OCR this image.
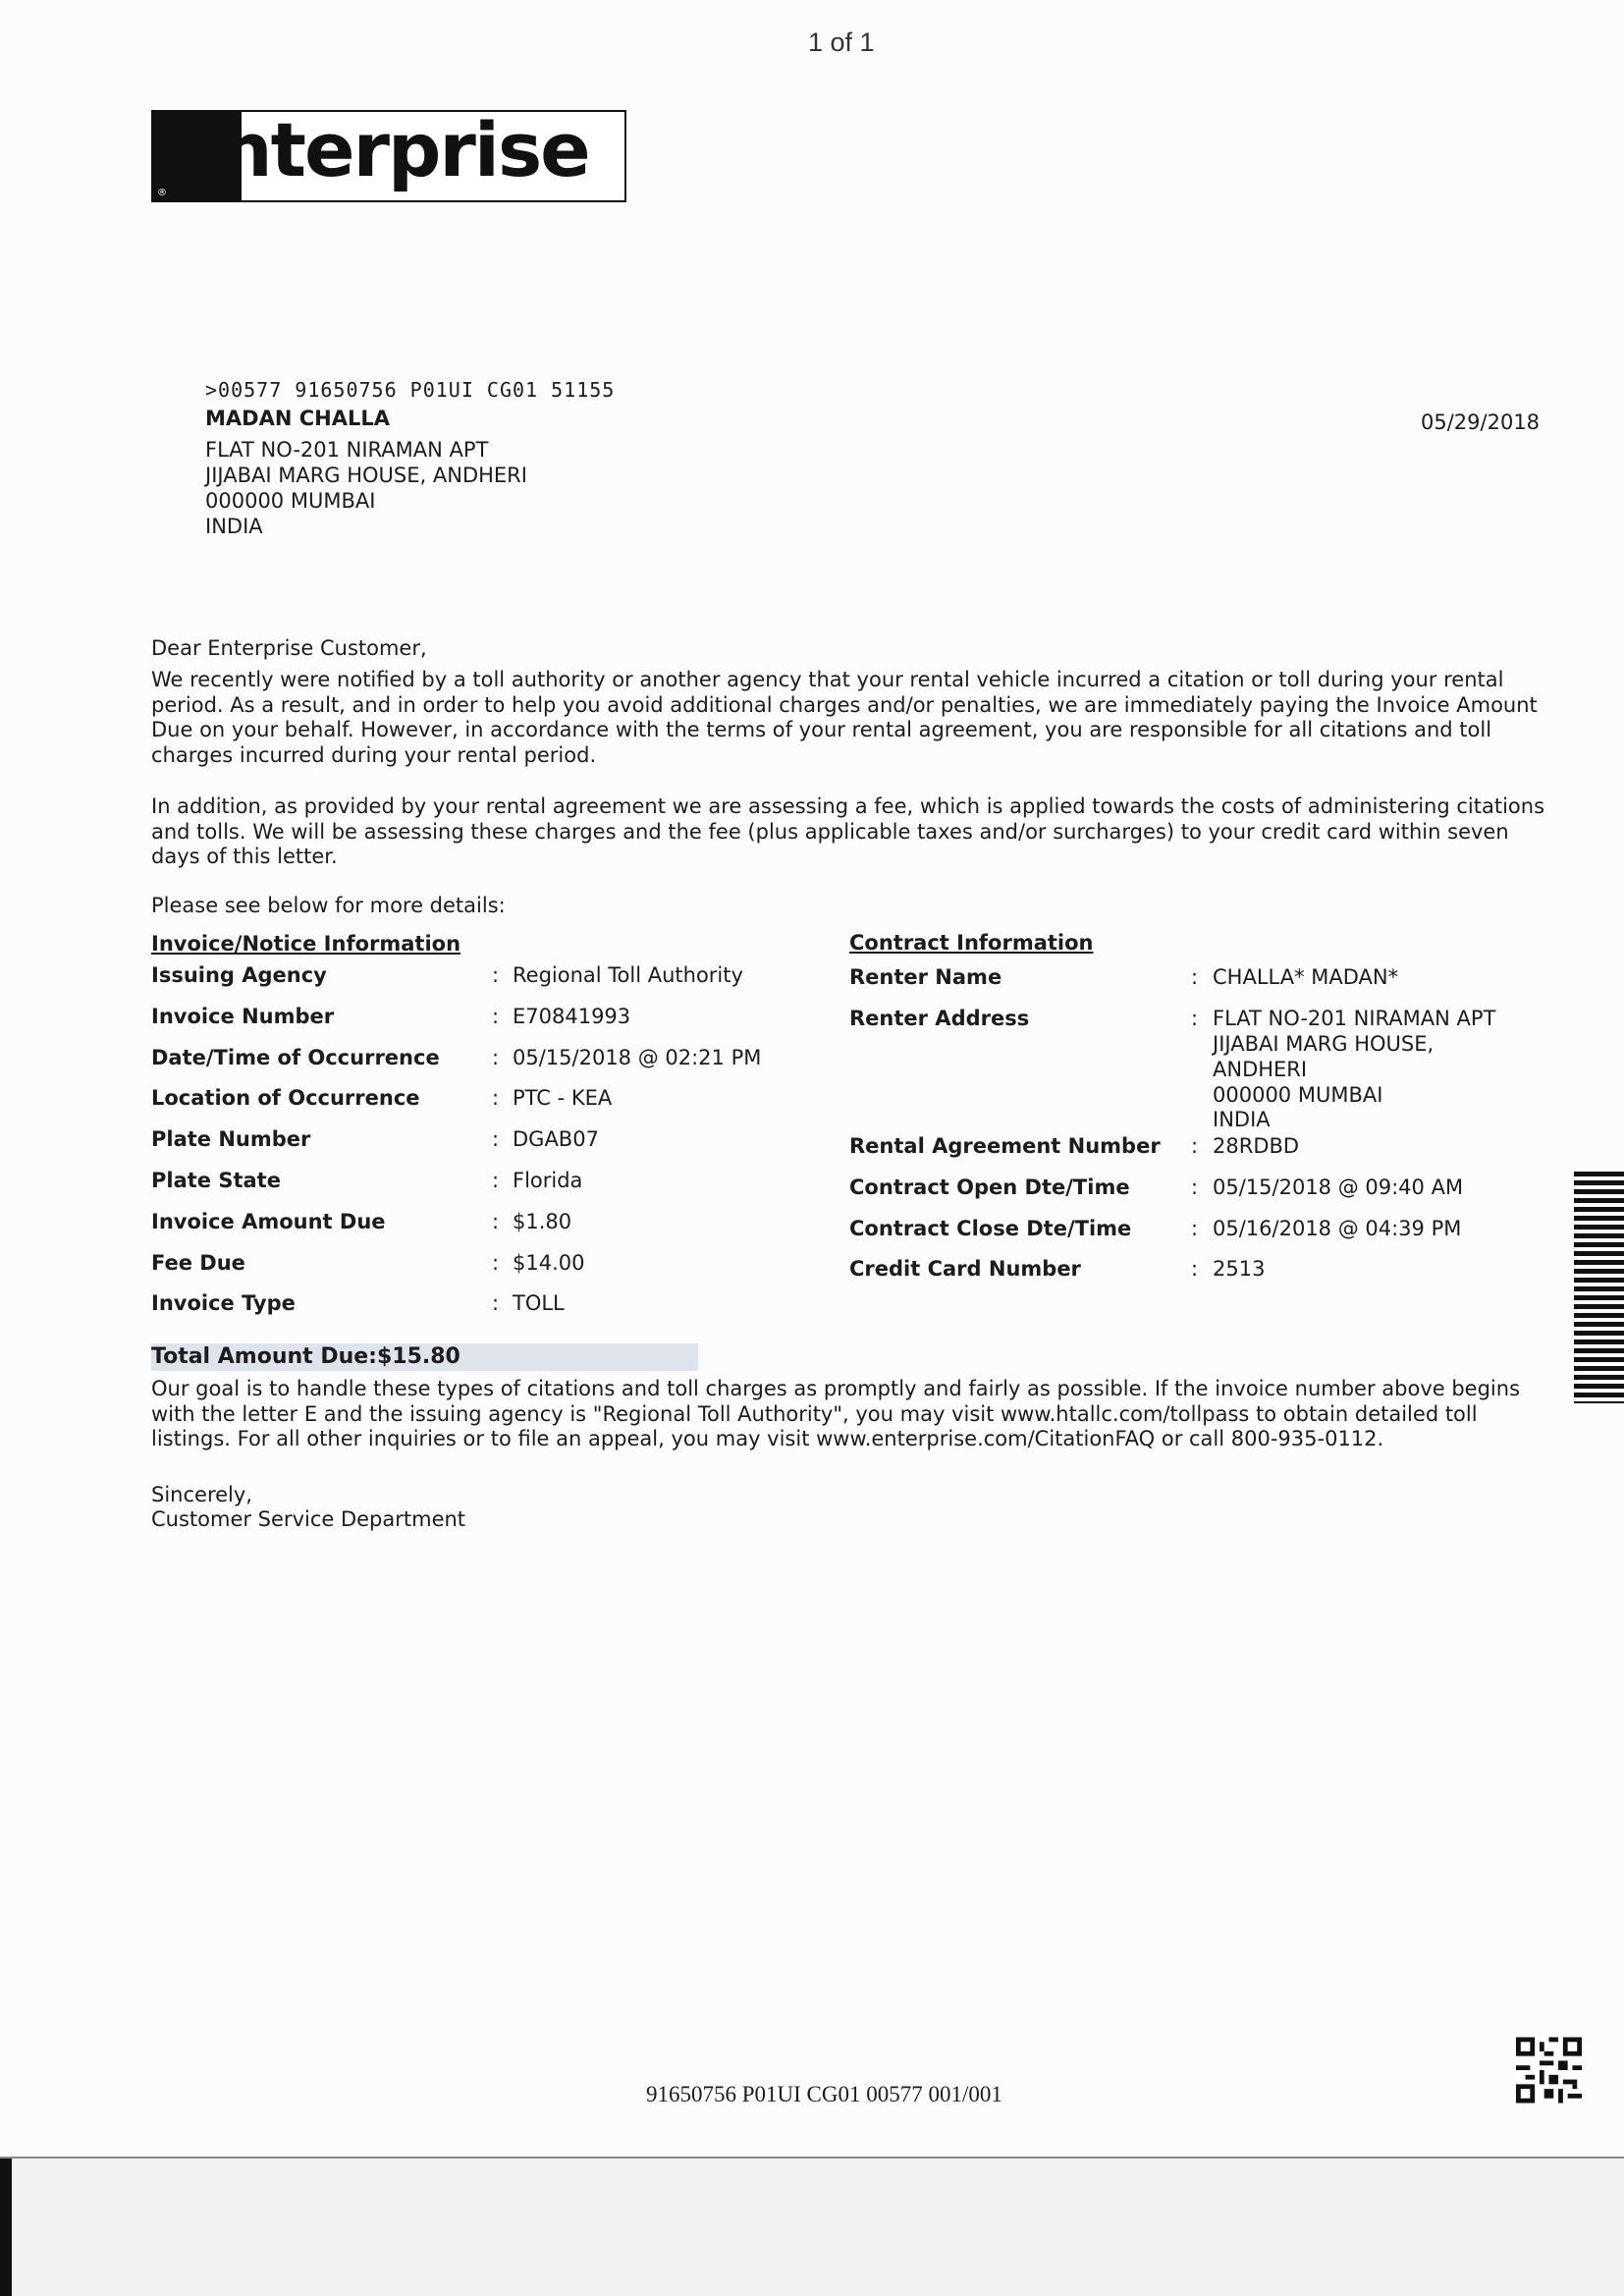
1 of 1
enterprise
®
>00577 91650756 P01UI CG01 51155
MADAN CHALLA	05/29/2018
FLAT NO-201 NIRAMAN APT
JIJABAI MARG HOUSE, ANDHERI
000000 MUMBAI
INDIA
Dear Enterprise Customer,
We recently were notified by a toll authority or another agency that your rental vehicle incurred a citation or toll during your rental period. As a result, and in order to help you avoid additional charges and/or penalties, we are immediately paying the Invoice Amount Due on your behalf. However, in accordance with the terms of your rental agreement, you are responsible for all citations and toll charges incurred during your rental period.
In addition, as provided by your rental agreement we are assessing a fee, which is applied towards the costs of administering citations and tolls. We will be assessing these charges and the fee (plus applicable taxes and/or surcharges) to your credit card within seven days of this letter.
Please see below for more details:
Invoice/Notice Information
Issuing Agency	: Regional Toll Authority
Invoice Number	: E70841993
Date/Time of Occurrence	: 05/15/2018 @ 02:21 PM
Location of Occurrence	: PTC - KEA
Plate Number	: DGAB07
Plate State	: Florida
Invoice Amount Due	: $1.80
Fee Due	: $14.00
Invoice Type	: TOLL
Contract Information
Renter Name	: CHALLA* MADAN*
Renter Address	: FLAT NO-201 NIRAMAN APT
JIJABAI MARG HOUSE,
ANDHERI
000000 MUMBAI
INDIA
Rental Agreement Number : 28RDBD
Contract Open Dte/Time	: 05/15/2018 @ 09:40 AM
Contract Close Dte/Time	: 05/16/2018 @ 04:39 PM
Credit Card Number	: 2513
Total Amount Due:$15.80
Our goal is to handle these types of citations and toll charges as promptly and fairly as possible. If the invoice number above begins with the letter E and the issuing agency is "Regional Toll Authority", you may visit www.htallc.com/tollpass to obtain detailed toll listings. For all other inquiries or to file an appeal, you may visit www.enterprise.com/CitationFAQ or call 800-935-0112.
Sincerely,
Customer Service Department
91650756 P01UI CG01 00577 001/001
